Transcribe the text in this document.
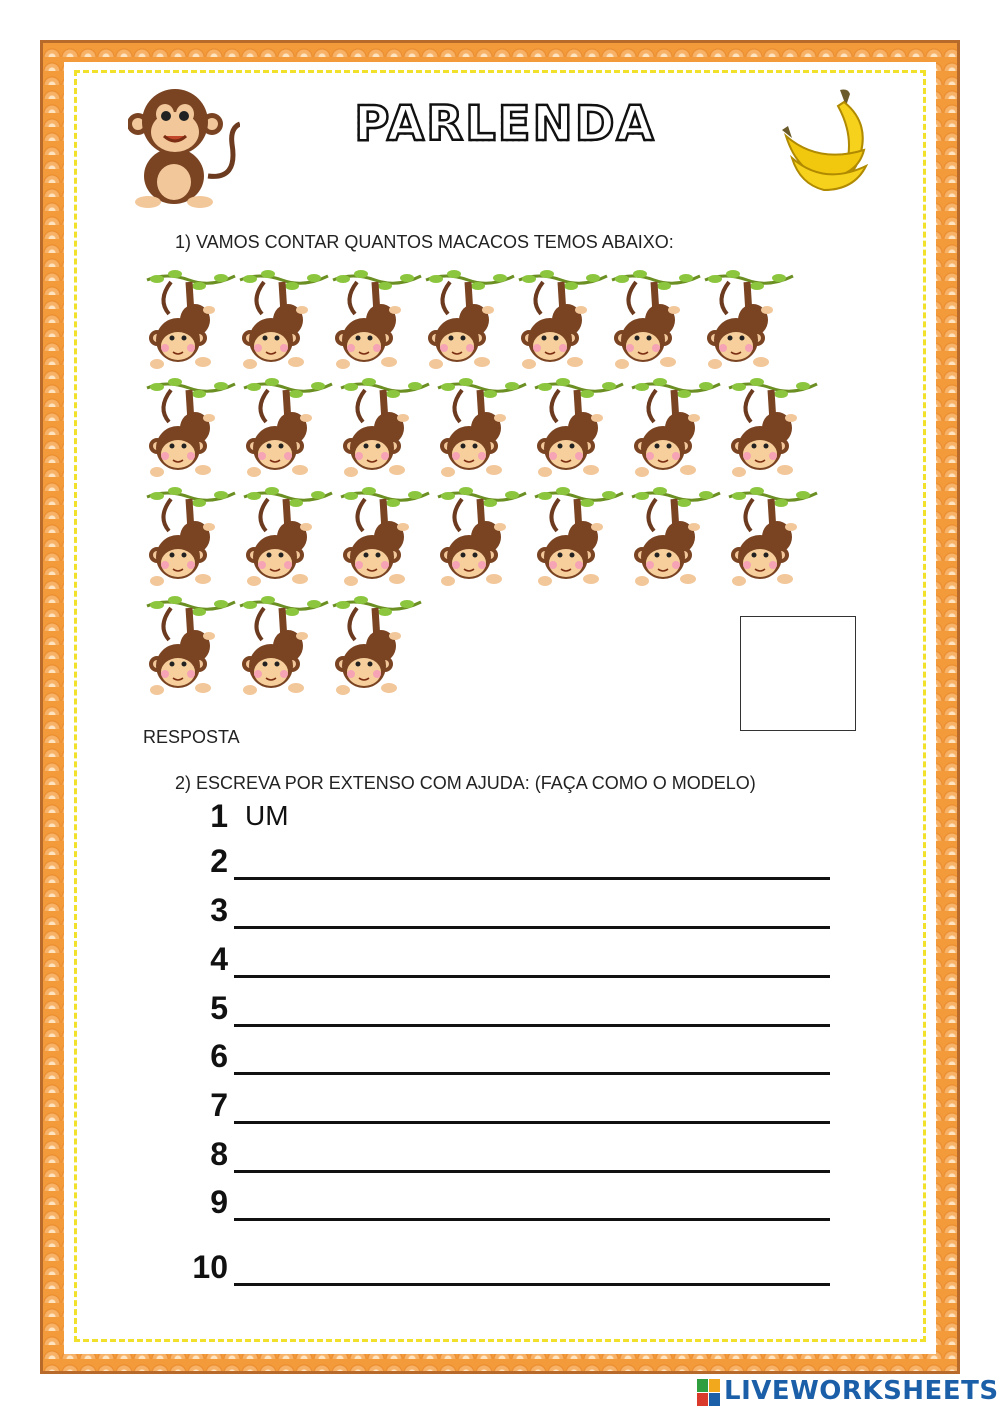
PARLENDA
1) VAMOS CONTAR QUANTOS MACACOS TEMOS ABAIXO:
RESPOSTA
2) ESCREVA POR EXTENSO COM AJUDA: (FAÇA COMO O MODELO)
1 UM
2
3
4
5
6
7
8
9
10
LIVEWORKSHEETS
